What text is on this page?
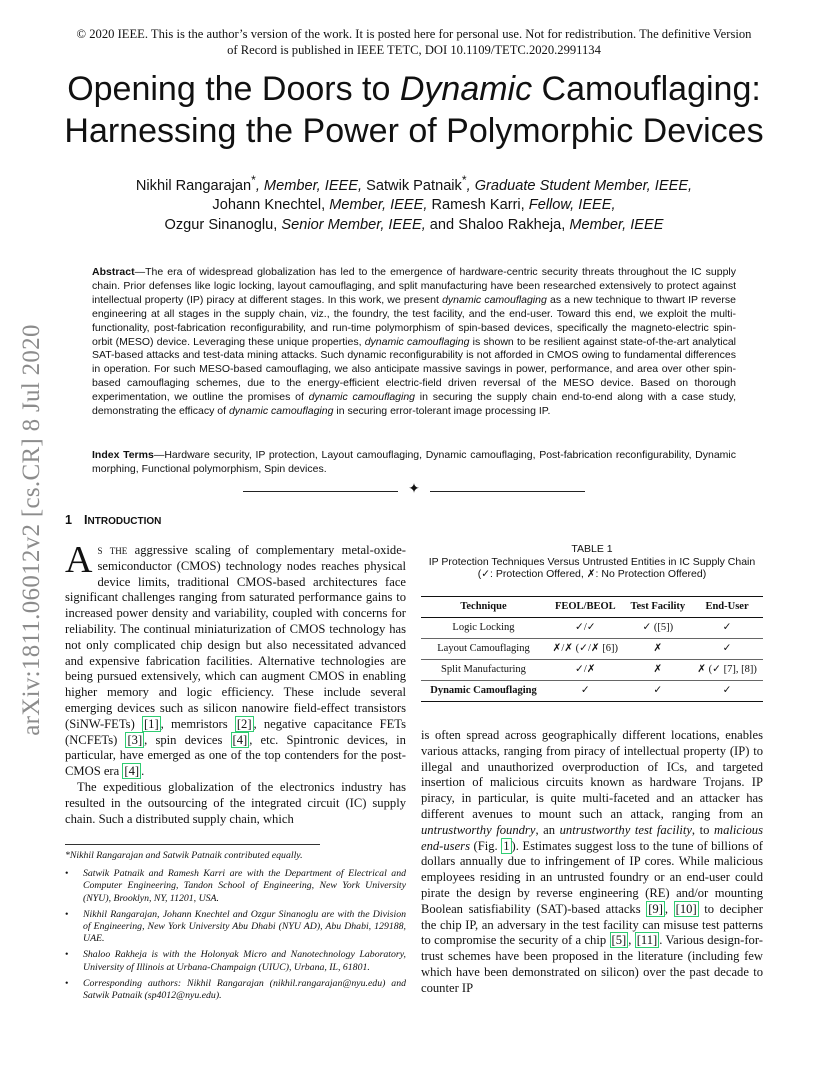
© 2020 IEEE. This is the author’s version of the work. It is posted here for personal use. Not for redistribution. The definitive Version of Record is published in IEEE TETC, DOI 10.1109/TETC.2020.2991134
Opening the Doors to Dynamic Camouflaging:
Harnessing the Power of Polymorphic Devices
Nikhil Rangarajan*, Member, IEEE, Satwik Patnaik*, Graduate Student Member, IEEE,
Johann Knechtel, Member, IEEE, Ramesh Karri, Fellow, IEEE,
Ozgur Sinanoglu, Senior Member, IEEE, and Shaloo Rakheja, Member, IEEE
Abstract—The era of widespread globalization has led to the emergence of hardware-centric security threats throughout the IC supply chain. Prior defenses like logic locking, layout camouflaging, and split manufacturing have been researched extensively to protect against intellectual property (IP) piracy at different stages. In this work, we present dynamic camouflaging as a new technique to thwart IP reverse engineering at all stages in the supply chain, viz., the foundry, the test facility, and the end-user. Toward this end, we exploit the multi-functionality, post-fabrication reconfigurability, and run-time polymorphism of spin-based devices, specifically the magneto-electric spin-orbit (MESO) device. Leveraging these unique properties, dynamic camouflaging is shown to be resilient against state-of-the-art analytical SAT-based attacks and test-data mining attacks. Such dynamic reconfigurability is not afforded in CMOS owing to fundamental differences in operation. For such MESO-based camouflaging, we also anticipate massive savings in power, performance, and area over other spin-based camouflaging schemes, due to the energy-efficient electric-field driven reversal of the MESO device. Based on thorough experimentation, we outline the promises of dynamic camouflaging in securing the supply chain end-to-end along with a case study, demonstrating the efficacy of dynamic camouflaging in securing error-tolerant image processing IP.
Index Terms—Hardware security, IP protection, Layout camouflaging, Dynamic camouflaging, Post-fabrication reconfigurability, Dynamic morphing, Functional polymorphism, Spin devices.
✦
arXiv:1811.06012v2 [cs.CR] 8 Jul 2020 1 INTRODUCTION

As the aggressive scaling of complementary metal-oxide-semiconductor (CMOS) technology nodes reaches physical device limits, traditional CMOS-based architectures face significant challenges ranging from saturated performance gains to increased power density and variability, coupled with concerns for reliability. The continual miniaturization of CMOS technology has not only complicated chip design but also necessitated advanced and expensive fabrication facilities. Alternative technologies are being pursued extensively, which can augment CMOS in enabling higher memory and logic efficiency. These include several emerging devices such as silicon nanowire field-effect transistors (SiNW-FETs) [1] , memristors [2] , negative capacitance FETs (NCFETs) [3] , spin devices [4] , etc. Spintronic devices, in particular, have emerged as one of the top contenders for the post-CMOS era [4] .

The expeditious globalization of the electronics industry has resulted in the outsourcing of the integrated circuit (IC) supply chain. Such a distributed supply chain, which

*Nikhil Rangarajan and Satwik Patnaik contributed equally.
• Satwik Patnaik and Ramesh Karri are with the Department of Electrical and Computer Engineering, Tandon School of Engineering, New York University (NYU), Brooklyn, NY, 11201, USA.
• Nikhil Rangarajan, Johann Knechtel and Ozgur Sinanoglu are with the Division of Engineering, New York University Abu Dhabi (NYU AD), Abu Dhabi, 129188, UAE.
• Shaloo Rakheja is with the Holonyak Micro and Nanotechnology Laboratory, University of Illinois at Urbana-Champaign (UIUC), Urbana, IL, 61801.
• Corresponding authors: Nikhil Rangarajan (nikhil.rangarajan@nyu.edu) and Satwik Patnaik (sp4012@nyu.edu).
TABLE 1
IP Protection Techniques Versus Untrusted Entities in IC Supply Chain
(✓: Protection Offered, ✗: No Protection Offered)
Technique	FEOL/BEOL	Test Facility	End-User
Logic Locking	✓/✓	✓ ([5])	✓
Layout Camouflaging	✗/✗ (✓/✗ [6])	✗	✓
Split Manufacturing	✓/✗	✗	✗ (✓ [7], [8])
Dynamic Camouflaging	✓	✓	✓

is often spread across geographically different locations, enables various attacks, ranging from piracy of intellectual property (IP) to illegal and unauthorized overproduction of ICs, and targeted insertion of malicious circuits known as hardware Trojans. IP piracy, in particular, is quite multi-faceted and an attacker has different avenues to mount such an attack, ranging from an untrustworthy foundry, an untrustworthy test facility, to malicious end-users (Fig. 1 ). Estimates suggest loss to the tune of billions of dollars annually due to infringement of IP cores. While malicious employees residing in an untrusted foundry or an end-user could pirate the design by reverse engineering (RE) and/or mounting Boolean satisfiability (SAT)-based attacks [9] , [10] to decipher the chip IP, an adversary in the test facility can misuse test patterns to compromise the security of a chip [5] , [11] . Various design-for-trust schemes have been proposed in the literature (including few which have been demonstrated on silicon) over the past decade to counter IP
